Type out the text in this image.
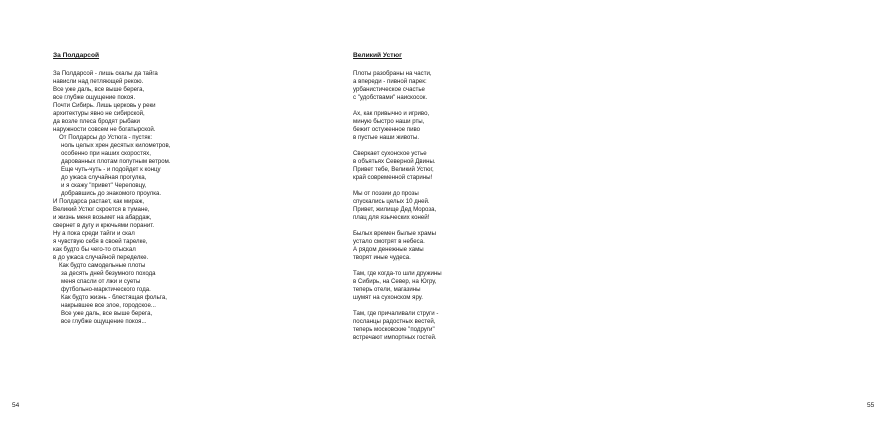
За Полдарсой
За Полдарсой - лишь скалы да тайга
нависли над петляющей рекою.
Все уже даль, все выше берега,
все глубже ощущение покоя.
Почти Сибирь. Лишь церковь у реки
архитектуры явно не сибирской,
да возле плеса бродят рыбаки
наружности совсем не богатырской.
От Полдарсы до Устюга - пустяк:
ноль целых хрен десятых километров,
особенно при наших скоростях,
дарованных плотам попутным ветром.
Еще чуть-чуть - и подойдет к концу
до ужаса случайная прогулка,
и я скажу "привет" Череповцу,
добравшись до знакомого проулка.
И Полдарса растает, как мираж,
Великий Устюг скроется в тумане,
и жизнь меня возьмет на абардаж,
свернет в дугу и крючьями поранит.
Ну а пока среди тайги и скал
я чувствую себя в своей тарелке,
как будто бы чего-то отыскал
в до ужаса случайной переделке.
Как будто самодельные плоты
за десять дней безумного похода
меня спасли от лжи и суеты
футбольно-марктического года.
Как будто жизнь - блестящая фольга,
накрывшее все злое, городское...
Все уже даль, все выше берега,
все глубже ощущение покоя...
54
Великий Устюг
Плоты разобраны на части,
а впереди - пивной парек:
урбанистическое счастье
с "удобствами" наискосок.
Ах, как привычно и игриво,
миную быстро наши рты,
бежит остуженное пиво
в пустые наши животы.
Сверкает сухонское устье
в объятьях Северной Двины.
Привет тебе, Великий Устюг,
край современной старины!
Мы от поэзии до прозы
спускались целых 10 дней.
Привет, жилище Дед Мороза,
плац для языческих коней!
Былых времен былые храмы
устало смотрят в небеса.
А рядом денежные хамы
творят иные чудеса.
Там, где когда-то шли дружины
в Сибирь, на Север, на Югру,
теперь отели, магазины
шумят на сухонском яру.
Там, где причаливали струги -
посланцы радостных вестей,
теперь московские "подруги"
встречают импортных гостей.
55
